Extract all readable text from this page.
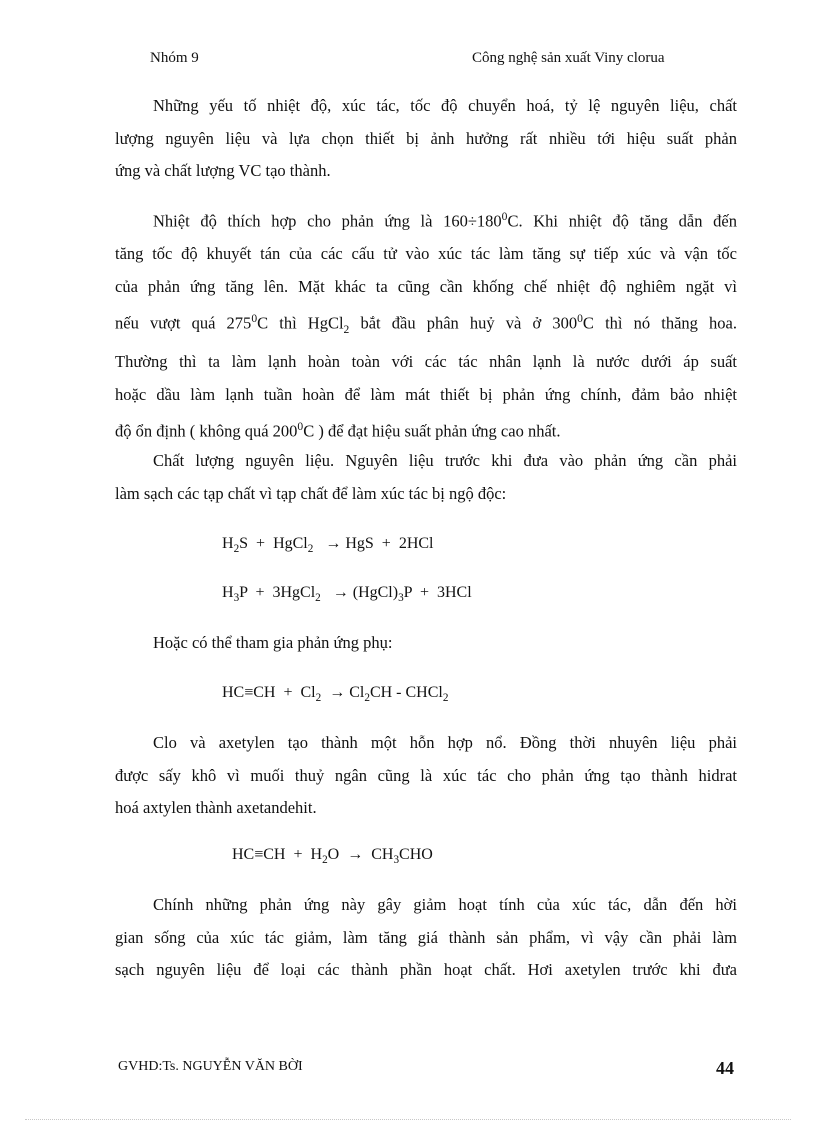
Nhóm 9	Công nghệ sản xuất Viny clorua
Những yếu tố nhiệt độ, xúc tác, tốc độ chuyển hoá, tỷ lệ nguyên liệu, chất
lượng nguyên liệu và lựa chọn thiết bị ảnh hưởng rất nhiều tới hiệu suất phản
ứng và chất lượng VC tạo thành.
Nhiệt độ thích hợp cho phản ứng là $160\div 180^0C$. Khi nhiệt độ tăng dẫn đến
tăng tốc độ khuyết tán của các cấu tử vào xúc tác làm tăng sự tiếp xúc và vận tốc
của phản ứng tăng lên. Mặt khác ta cũng cần khống chế nhiệt độ nghiêm ngặt vì
nếu vượt quá $275^0C$ thì HgCl$_2$ bắt đầu phân huỷ và ở $300^0C$ thì nó thăng hoa.
Thường thì ta làm lạnh hoàn toàn với các tác nhân lạnh là nước dưới áp suất
hoặc dầu làm lạnh tuần hoàn để làm mát thiết bị phản ứng chính, đảm bảo nhiệt
độ ổn định ( không quá $200^0C$ ) để đạt hiệu suất phản ứng cao nhất.
Chất lượng nguyên liệu. Nguyên liệu trước khi đưa vào phản ứng cần phải
làm sạch các tạp chất vì tạp chất để làm xúc tác bị ngộ độc:
$H_2S$  +  HgCl$_2$   → HgS  +  2HCl
$H_3P$  +  3HgCl$_2$   → $(HgCl)_3P + 3HCl$
Hoặc có thể tham gia phản ứng phụ:
$HC\equiv CH + Cl_2 \to Cl_2CH$ - CHCl$_2$
Clo và axetylen tạo thành một hỗn hợp nổ. Đồng thời nhuyên liệu phải
được sấy khô vì muối thuỷ ngân cũng là xúc tác cho phản ứng tạo thành hidrat
hoá axtylen thành axetandehit.
$HC\equiv CH + H_2O \to CH_3CHO$
Chính những phản ứng này gây giảm hoạt tính của xúc tác, dẫn đến hời
gian sống của xúc tác giảm, làm tăng giá thành sản phẩm, vì vậy cần phải làm
sạch nguyên liệu để loại các thành phần hoạt chất. Hơi axetylen trước khi đưa
GVHD:Ts. NGUYỄN VĂN BỜI	44
